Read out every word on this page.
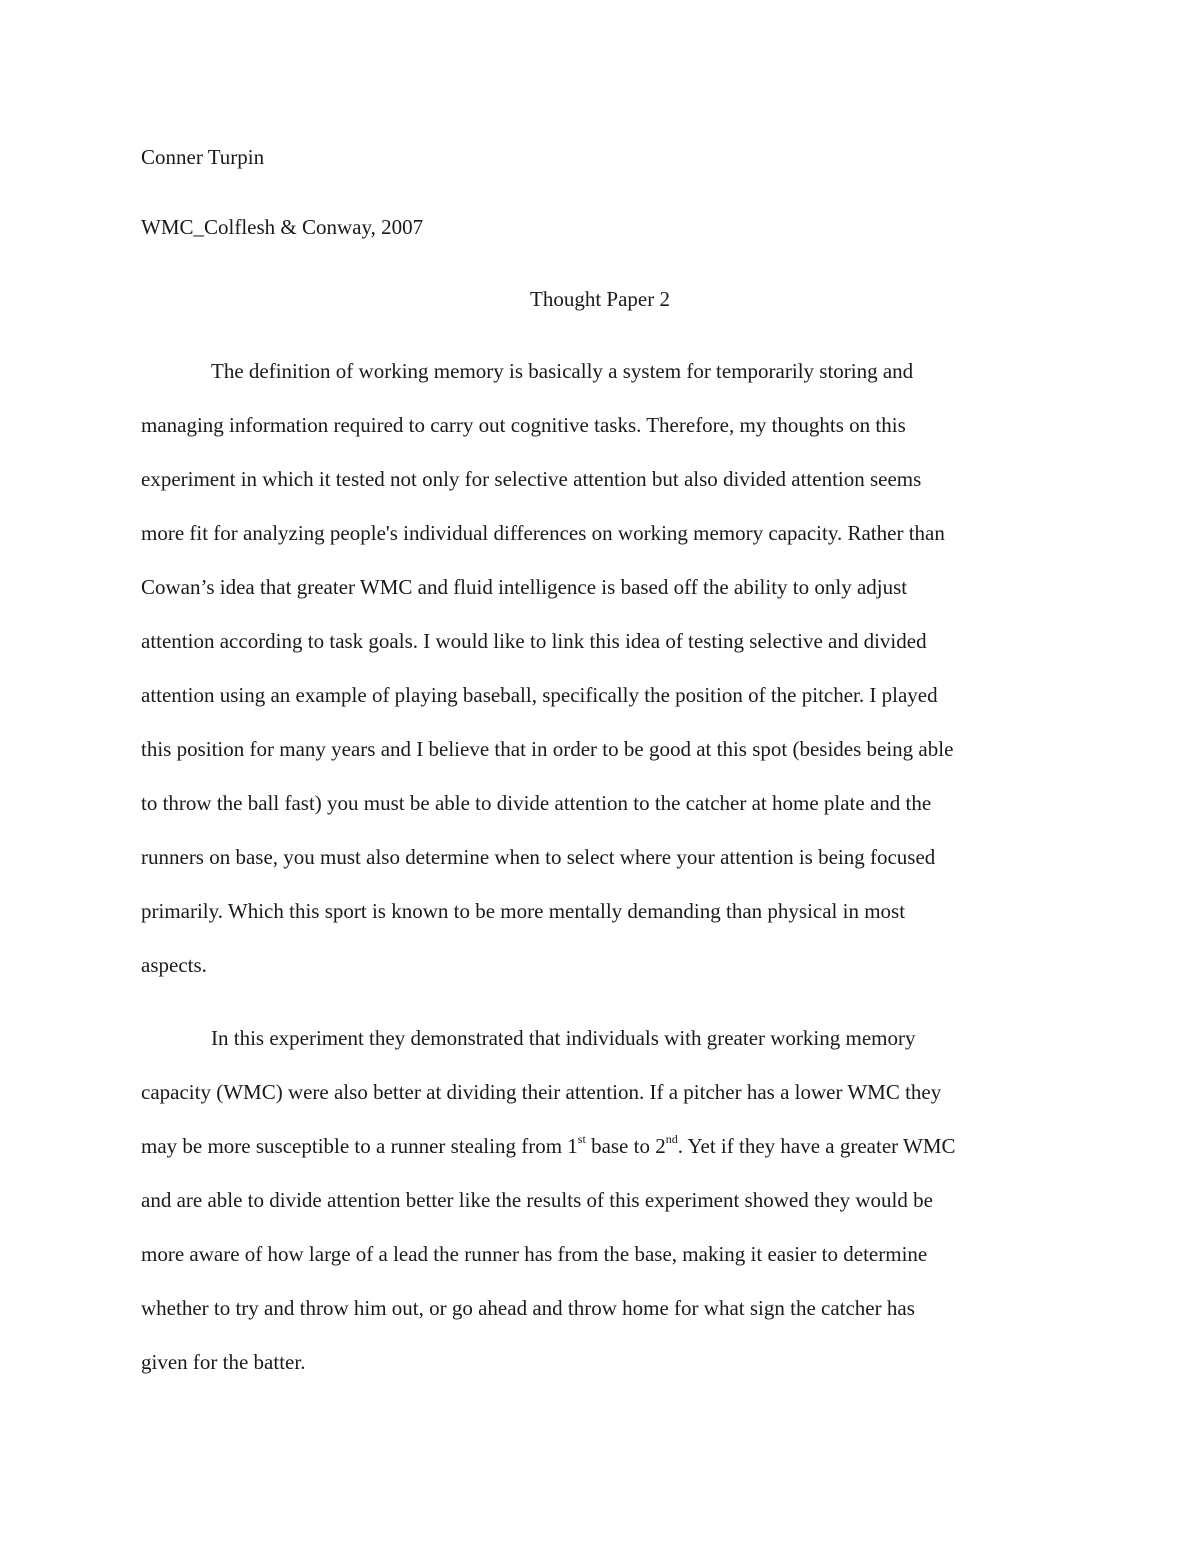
Conner Turpin
WMC_Colflesh & Conway, 2007
Thought Paper 2
The definition of working memory is basically a system for temporarily storing and
managing information required to carry out cognitive tasks. Therefore, my thoughts on this
experiment in which it tested not only for selective attention but also divided attention seems
more fit for analyzing people's individual differences on working memory capacity. Rather than
Cowan’s idea that greater WMC and fluid intelligence is based off the ability to only adjust
attention according to task goals. I would like to link this idea of testing selective and divided
attention using an example of playing baseball, specifically the position of the pitcher. I played
this position for many years and I believe that in order to be good at this spot (besides being able
to throw the ball fast) you must be able to divide attention to the catcher at home plate and the
runners on base, you must also determine when to select where your attention is being focused
primarily. Which this sport is known to be more mentally demanding than physical in most
aspects.
In this experiment they demonstrated that individuals with greater working memory
capacity (WMC) were also better at dividing their attention. If a pitcher has a lower WMC they
may be more susceptible to a runner stealing from 1st base to 2nd. Yet if they have a greater WMC
and are able to divide attention better like the results of this experiment showed they would be
more aware of how large of a lead the runner has from the base, making it easier to determine
whether to try and throw him out, or go ahead and throw home for what sign the catcher has
given for the batter.
